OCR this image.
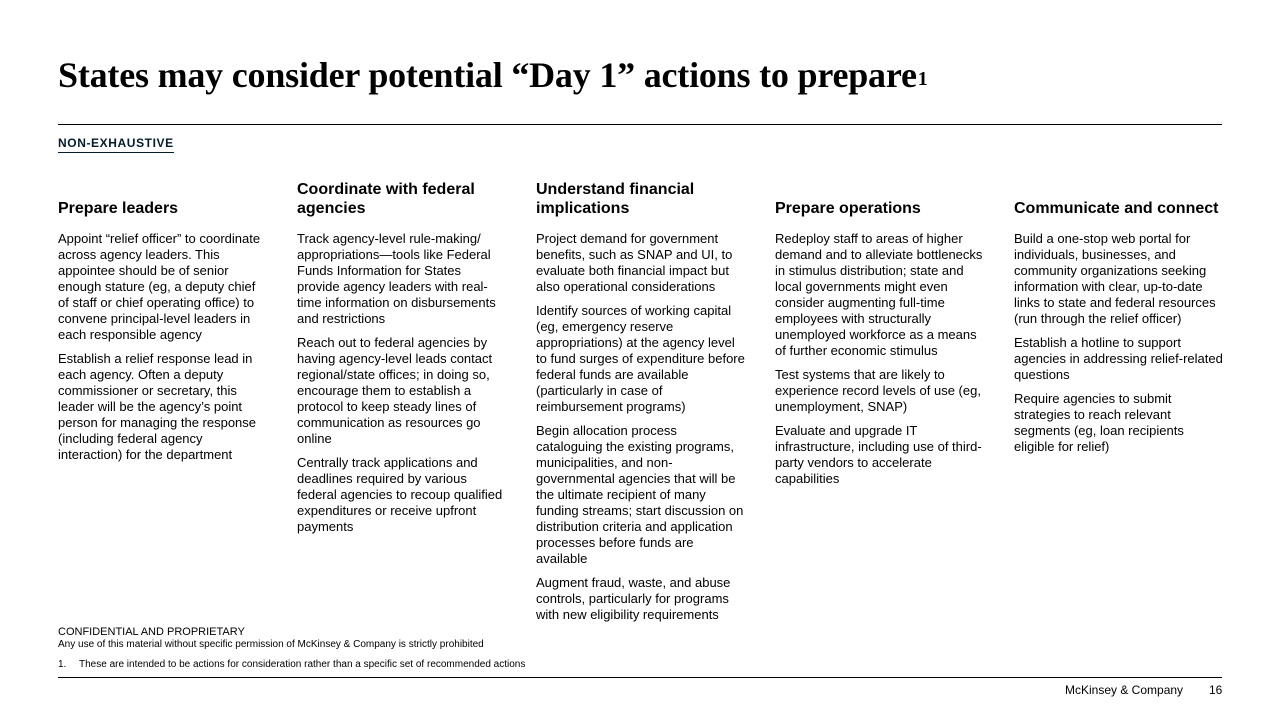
States may consider potential “Day 1” actions to prepare$^1$
NON-EXHAUSTIVE
Prepare leaders

Appoint “relief officer” to coordinate across agency leaders. This appointee should be of senior enough stature (eg, a deputy chief of staff or chief operating office) to convene principal-level leaders in each responsible agency

Establish a relief response lead in each agency. Often a deputy commissioner or secretary, this leader will be the agency’s point person for managing the response (including federal agency interaction) for the department

Coordinate with federal agencies

Track agency-level rule-making/ appropriations—tools like Federal Funds Information for States provide agency leaders with real-time information on disbursements and restrictions

Reach out to federal agencies by having agency-level leads contact regional/state offices; in doing so, encourage them to establish a protocol to keep steady lines of communication as resources go online

Centrally track applications and deadlines required by various federal agencies to recoup qualified expenditures or receive upfront payments

Understand financial implications

Project demand for government benefits, such as SNAP and UI, to evaluate both financial impact but also operational considerations

Identify sources of working capital (eg, emergency reserve appropriations) at the agency level to fund surges of expenditure before federal funds are available (particularly in case of reimbursement programs)

Begin allocation process cataloguing the existing programs, municipalities, and non-governmental agencies that will be the ultimate recipient of many funding streams; start discussion on distribution criteria and application processes before funds are available

Augment fraud, waste, and abuse controls, particularly for programs with new eligibility requirements

Prepare operations

Redeploy staff to areas of higher demand and to alleviate bottlenecks in stimulus distribution; state and local governments might even consider augmenting full-time employees with structurally unemployed workforce as a means of further economic stimulus

Test systems that are likely to experience record levels of use (eg, unemployment, SNAP)

Evaluate and upgrade IT infrastructure, including use of third-party vendors to accelerate capabilities

Communicate and connect

Build a one-stop web portal for individuals, businesses, and community organizations seeking information with clear, up-to-date links to state and federal resources (run through the relief officer)

Establish a hotline to support agencies in addressing relief-related questions

Require agencies to submit strategies to reach relevant segments (eg, loan recipients eligible for relief)

CONFIDENTIAL AND PROPRIETARY
Any use of this material without specific permission of McKinsey & Company is strictly prohibited
1.	These are intended to be actions for consideration rather than a specific set of recommended actions
McKinsey & Company 16
